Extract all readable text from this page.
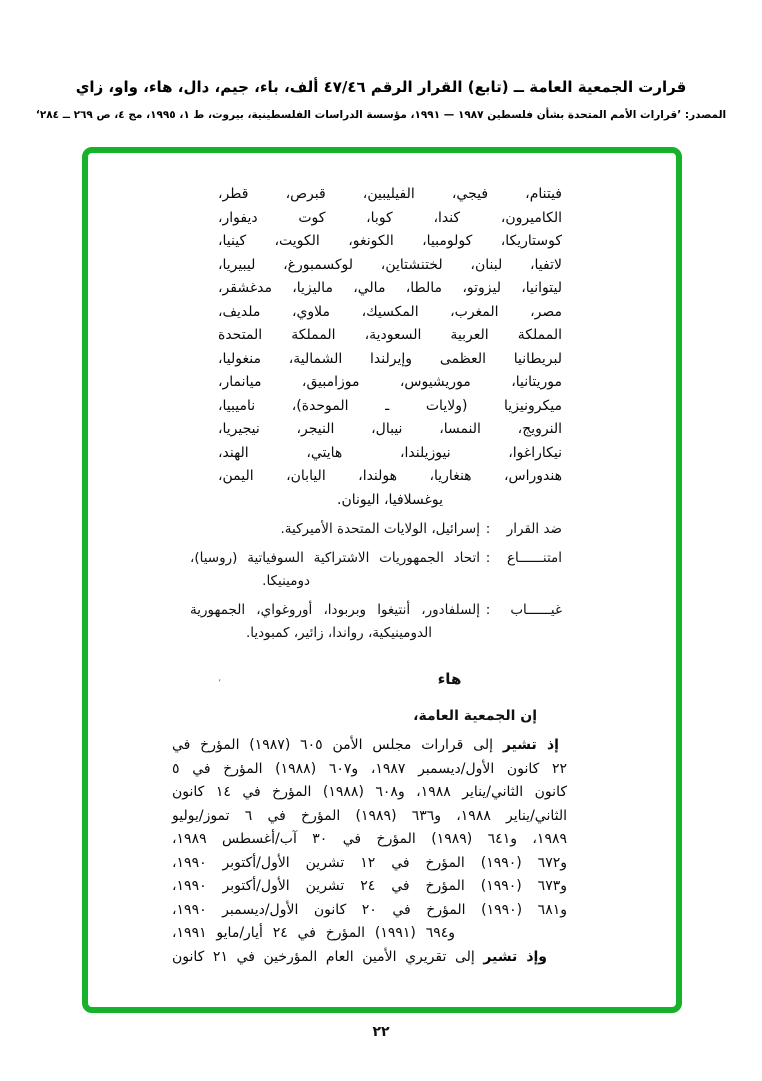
قرارت الجمعية العامة ــ (تابع) القرار الرقم ٤٧/٤٦ ألف، باء، جيم، دال، هاء، واو، زاي
المصدر: ’قرارات الأمم المتحدة بشأن فلسطين ١٩٨٧ — ١٩٩١، مؤسسة الدراسات الفلسطينية، بيروت، ط ١، ١٩٩٥، مج ٤، ص ٢٦٩ ــ ٢٨٤‘
فيتنام، فيجي، الفيليبين، قبرص، قطر،
الكاميرون، كندا، كوبا، كوت ديفوار،
كوستاريكا، كولومبيا، الكونغو، الكويت، كينيا،
لاتفيا، لبنان، لختنشتاين، لوكسمبورغ، ليبيريا،
ليتوانيا، ليزوتو، مالطا، مالي، ماليزيا، مدغشقر،
مصر، المغرب، المكسيك، ملاوي، ملديف،
المملكة العربية السعودية، المملكة المتحدة
لبريطانيا العظمى وإيرلندا الشمالية، منغوليا،
موريتانيا، موريشيوس، موزامبيق، ميانمار،
ميكرونيزيا (ولايات ـ الموحدة)، ناميبيا،
النرويج، النمسا، نيبال، النيجر، نيجيريا،
نيكاراغوا، نيوزيلندا، هايتي، الهند،
هندوراس، هنغاريا، هولندا، اليابان، اليمن،
يوغسلافيا، اليونان.
ضد القرار
:
إسرائيل، الولايات المتحدة الأميركية.
امتنــــــاع
:
اتحاد الجمهوريات الاشتراكية السوفياتية (روسيا)،
دومينيكا.
غيــــــاب
:
إلسلفادور، أنتيغوا وبربودا، أوروغواي، الجمهورية
الدومينيكية، رواندا، زائير، كمبوديا.
٬	هاء
إن الجمعية العامة،
إذ تشير إلى قرارات مجلس الأمن ٦٠٥ (١٩٨٧) المؤرخ في
٢٢ كانون الأول/ديسمبر ١٩٨٧، و٦٠٧ (١٩٨٨) المؤرخ في ٥
كانون الثاني/يناير ١٩٨٨، و٦٠٨ (١٩٨٨) المؤرخ في ١٤ كانون
الثاني/يناير ١٩٨٨، و٦٣٦ (١٩٨٩) المؤرخ في ٦ تموز/يوليو
١٩٨٩، و٦٤١ (١٩٨٩) المؤرخ في ٣٠ آب/أغسطس ١٩٨٩،
و٦٧٢ (١٩٩٠) المؤرخ في ١٢ تشرين الأول/أكتوبر ١٩٩٠،
و٦٧٣ (١٩٩٠) المؤرخ في ٢٤ تشرين الأول/أكتوبر ١٩٩٠،
و٦٨١ (١٩٩٠) المؤرخ في ٢٠ كانون الأول/ديسمبر ١٩٩٠،
و٦٩٤ (١٩٩١) المؤرخ في ٢٤ أيار/مايو ١٩٩١،
وإذ تشير إلى تقريري الأمين العام المؤرخين في ٢١ كانون
٢٢
